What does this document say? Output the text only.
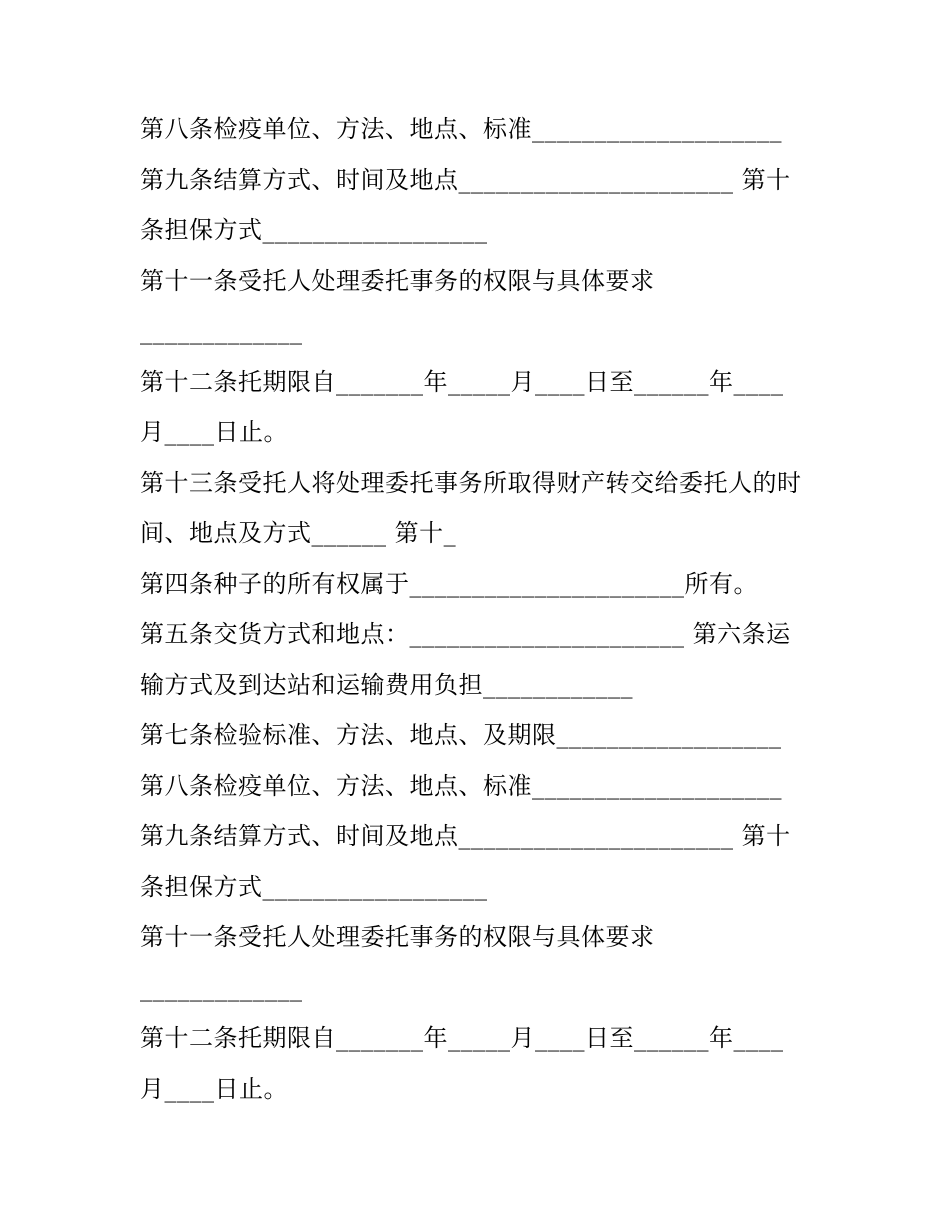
第八条检疫单位、方法、地点、标准____________________
第九条结算方式、时间及地点______________________ 第十
条担保方式__________________
第十一条受托人处理委托事务的权限与具体要求
_____________
第十二条托期限自_______年_____月____日至______年____
月____日止。
第十三条受托人将处理委托事务所取得财产转交给委托人的时
间、地点及方式______ 第十_
第四条种子的所有权属于______________________所有。
第五条交货方式和地点：______________________ 第六条运
输方式及到达站和运输费用负担____________
第七条检验标准、方法、地点、及期限__________________
第八条检疫单位、方法、地点、标准____________________
第九条结算方式、时间及地点______________________ 第十
条担保方式__________________
第十一条受托人处理委托事务的权限与具体要求
_____________
第十二条托期限自_______年_____月____日至______年____
月____日止。
